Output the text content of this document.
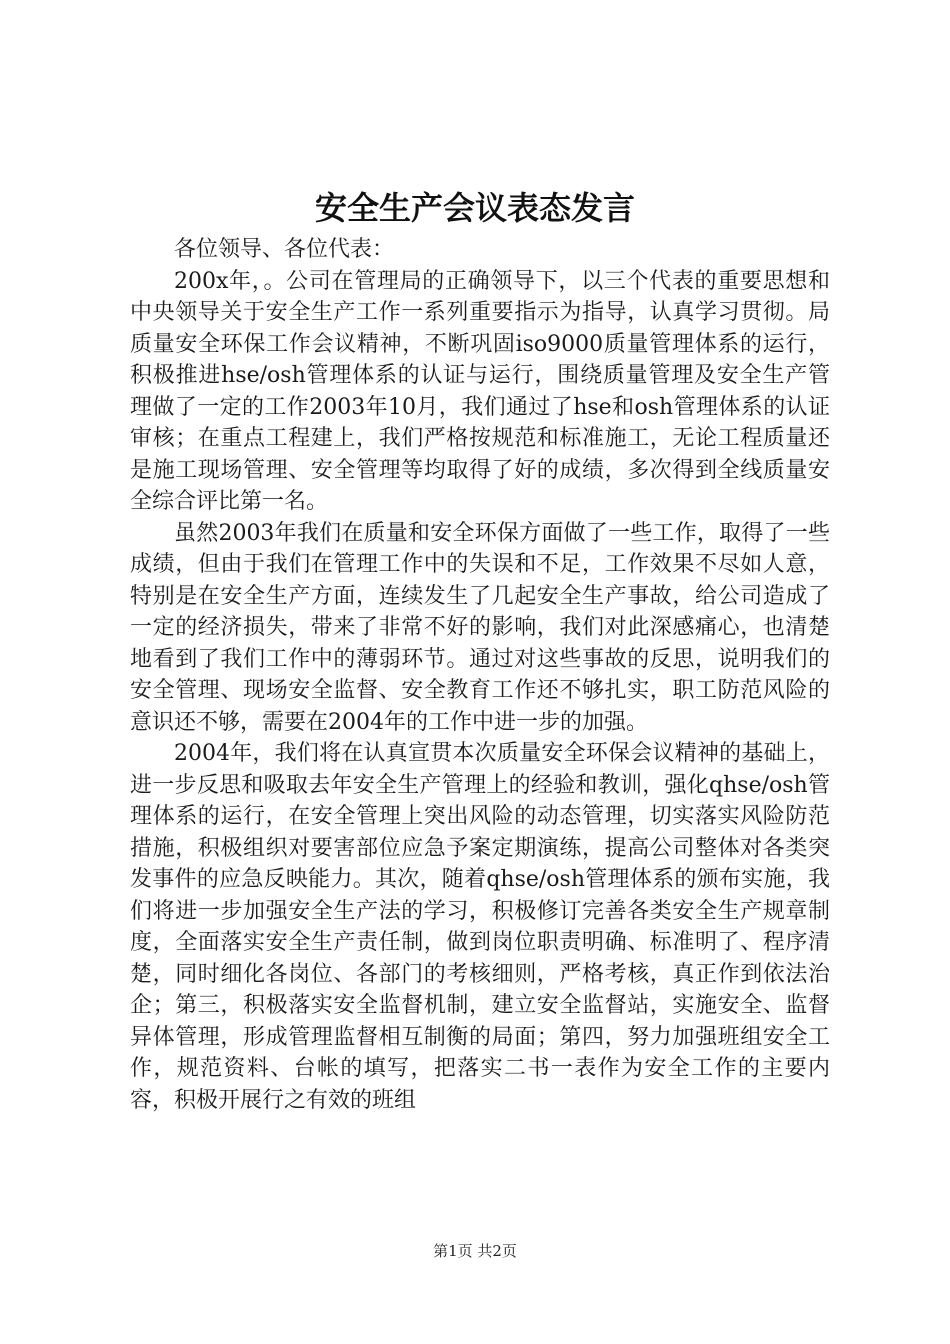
安全生产会议表态发言

各位领导、各位代表：

200x年，。公司在管理局的正确领导下，以三个代表的重要思想和中央领导关于安全生产工作一系列重要指示为指导，认真学习贯彻。局质量安全环保工作会议精神，不断巩固iso9000质量管理体系的运行，积极推进hse/osh管理体系的认证与运行，围绕质量管理及安全生产管理做了一定的工作2003年10月，我们通过了hse和osh管理体系的认证审核；在重点工程建上，我们严格按规范和标准施工，无论工程质量还是施工现场管理、安全管理等均取得了好的成绩，多次得到全线质量安全综合评比第一名。

虽然2003年我们在质量和安全环保方面做了一些工作，取得了一些成绩，但由于我们在管理工作中的失误和不足，工作效果不尽如人意，特别是在安全生产方面，连续发生了几起安全生产事故，给公司造成了一定的经济损失，带来了非常不好的影响，我们对此深感痛心，也清楚地看到了我们工作中的薄弱环节。通过对这些事故的反思，说明我们的安全管理、现场安全监督、安全教育工作还不够扎实，职工防范风险的意识还不够，需要在2004年的工作中进一步的加强。

2004年，我们将在认真宣贯本次质量安全环保会议精神的基础上，进一步反思和吸取去年安全生产管理上的经验和教训，强化qhse/osh管理体系的运行，在安全管理上突出风险的动态管理，切实落实风险防范措施，积极组织对要害部位应急予案定期演练，提高公司整体对各类突发事件的应急反映能力。其次，随着qhse/osh管理体系的颁布实施，我们将进一步加强安全生产法的学习，积极修订完善各类安全生产规章制度，全面落实安全生产责任制，做到岗位职责明确、标准明了、程序清楚，同时细化各岗位、各部门的考核细则，严格考核，真正作到依法治企；第三，积极落实安全监督机制，建立安全监督站，实施安全、监督异体管理，形成管理监督相互制衡的局面；第四，努力加强班组安全工作，规范资料、台帐的填写，把落实二书一表作为安全工作的主要内容，积极开展行之有效的班组

第1页 共2页
